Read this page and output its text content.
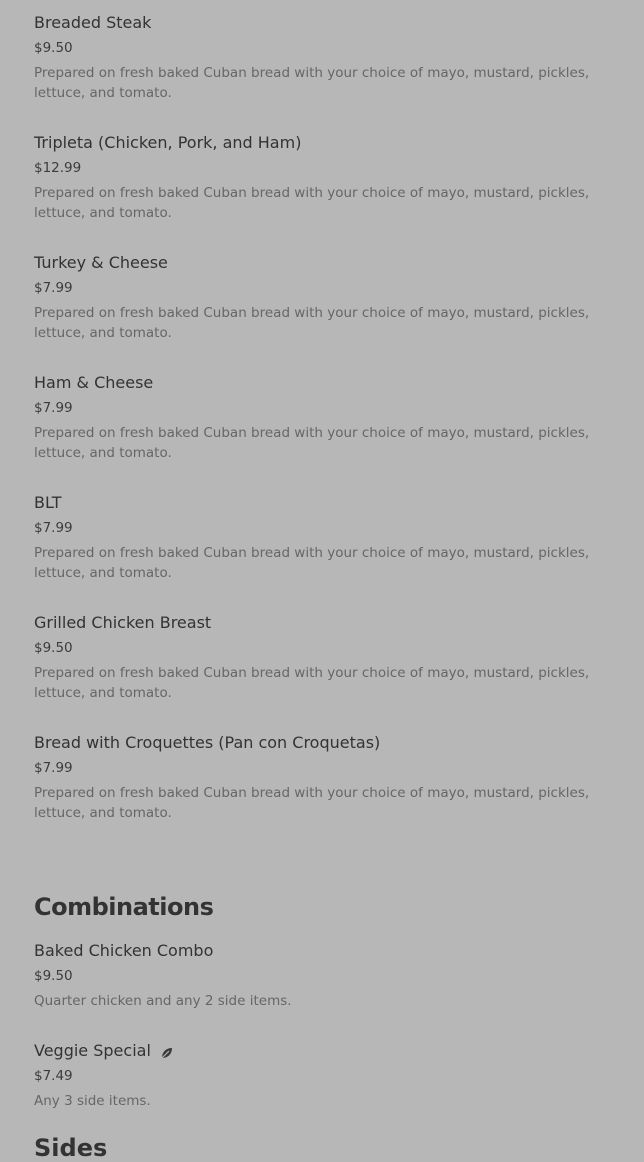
Breaded Steak
$9.50
Prepared on fresh baked Cuban bread with your choice of mayo, mustard, pickles, lettuce, and tomato.
Tripleta (Chicken, Pork, and Ham)
$12.99
Prepared on fresh baked Cuban bread with your choice of mayo, mustard, pickles, lettuce, and tomato.
Turkey & Cheese
$7.99
Prepared on fresh baked Cuban bread with your choice of mayo, mustard, pickles, lettuce, and tomato.
Ham & Cheese
$7.99
Prepared on fresh baked Cuban bread with your choice of mayo, mustard, pickles, lettuce, and tomato.
BLT
$7.99
Prepared on fresh baked Cuban bread with your choice of mayo, mustard, pickles, lettuce, and tomato.
Grilled Chicken Breast
$9.50
Prepared on fresh baked Cuban bread with your choice of mayo, mustard, pickles, lettuce, and tomato.
Bread with Croquettes (Pan con Croquetas)
$7.99
Prepared on fresh baked Cuban bread with your choice of mayo, mustard, pickles, lettuce, and tomato.
Combinations
Baked Chicken Combo
$9.50
Quarter chicken and any 2 side items.
Veggie Special
$7.49
Any 3 side items.
Sides
